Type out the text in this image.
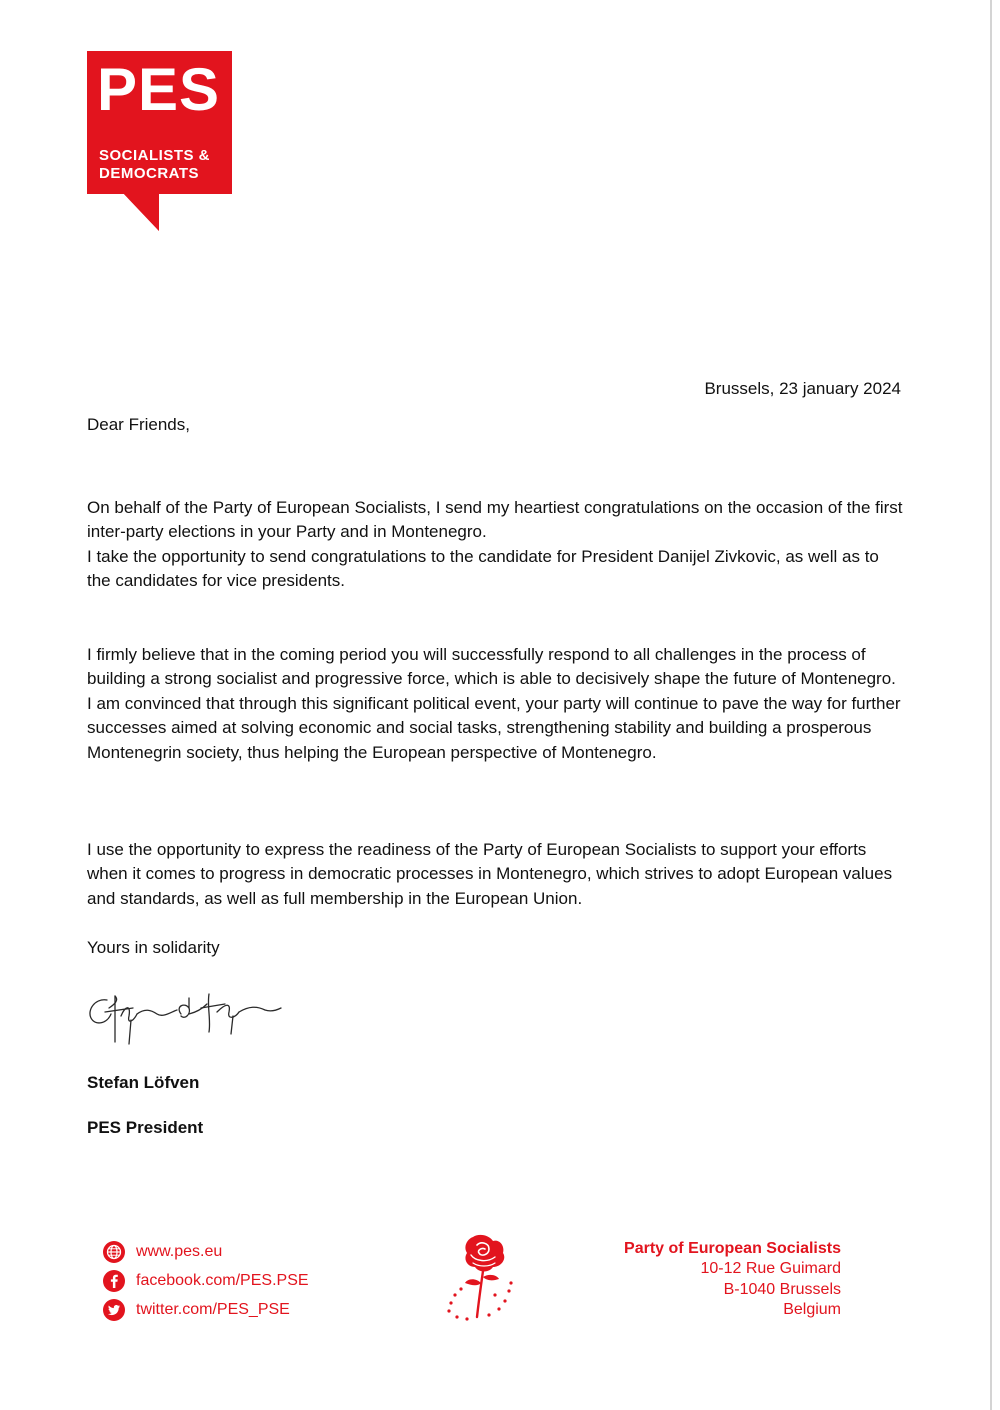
PES
SOCIALISTS &
DEMOCRATS
Brussels, 23 january 2024
Dear Friends,
On behalf of the Party of European Socialists, I send my heartiest congratulations on the occasion of the first inter-party elections in your Party and in Montenegro.
I take the opportunity to send congratulations to the candidate for President Danijel Zivkovic, as well as to the candidates for vice presidents.
I firmly believe that in the coming period you will successfully respond to all challenges in the process of building a strong socialist and progressive force, which is able to decisively shape the future of Montenegro.
I am convinced that through this significant political event, your party will continue to pave the way for further successes aimed at solving economic and social tasks, strengthening stability and building a prosperous Montenegrin society, thus helping the European perspective of Montenegro.
I use the opportunity to express the readiness of the Party of European Socialists to support your efforts when it comes to progress in democratic processes in Montenegro, which strives to adopt European values and standards, as well as full membership in the European Union.
Yours in solidarity
Stefan Löfven
PES President
www.pes.eu
facebook.com/PES.PSE
twitter.com/PES_PSE
Party of European Socialists
10-12 Rue Guimard
B-1040 Brussels
Belgium
